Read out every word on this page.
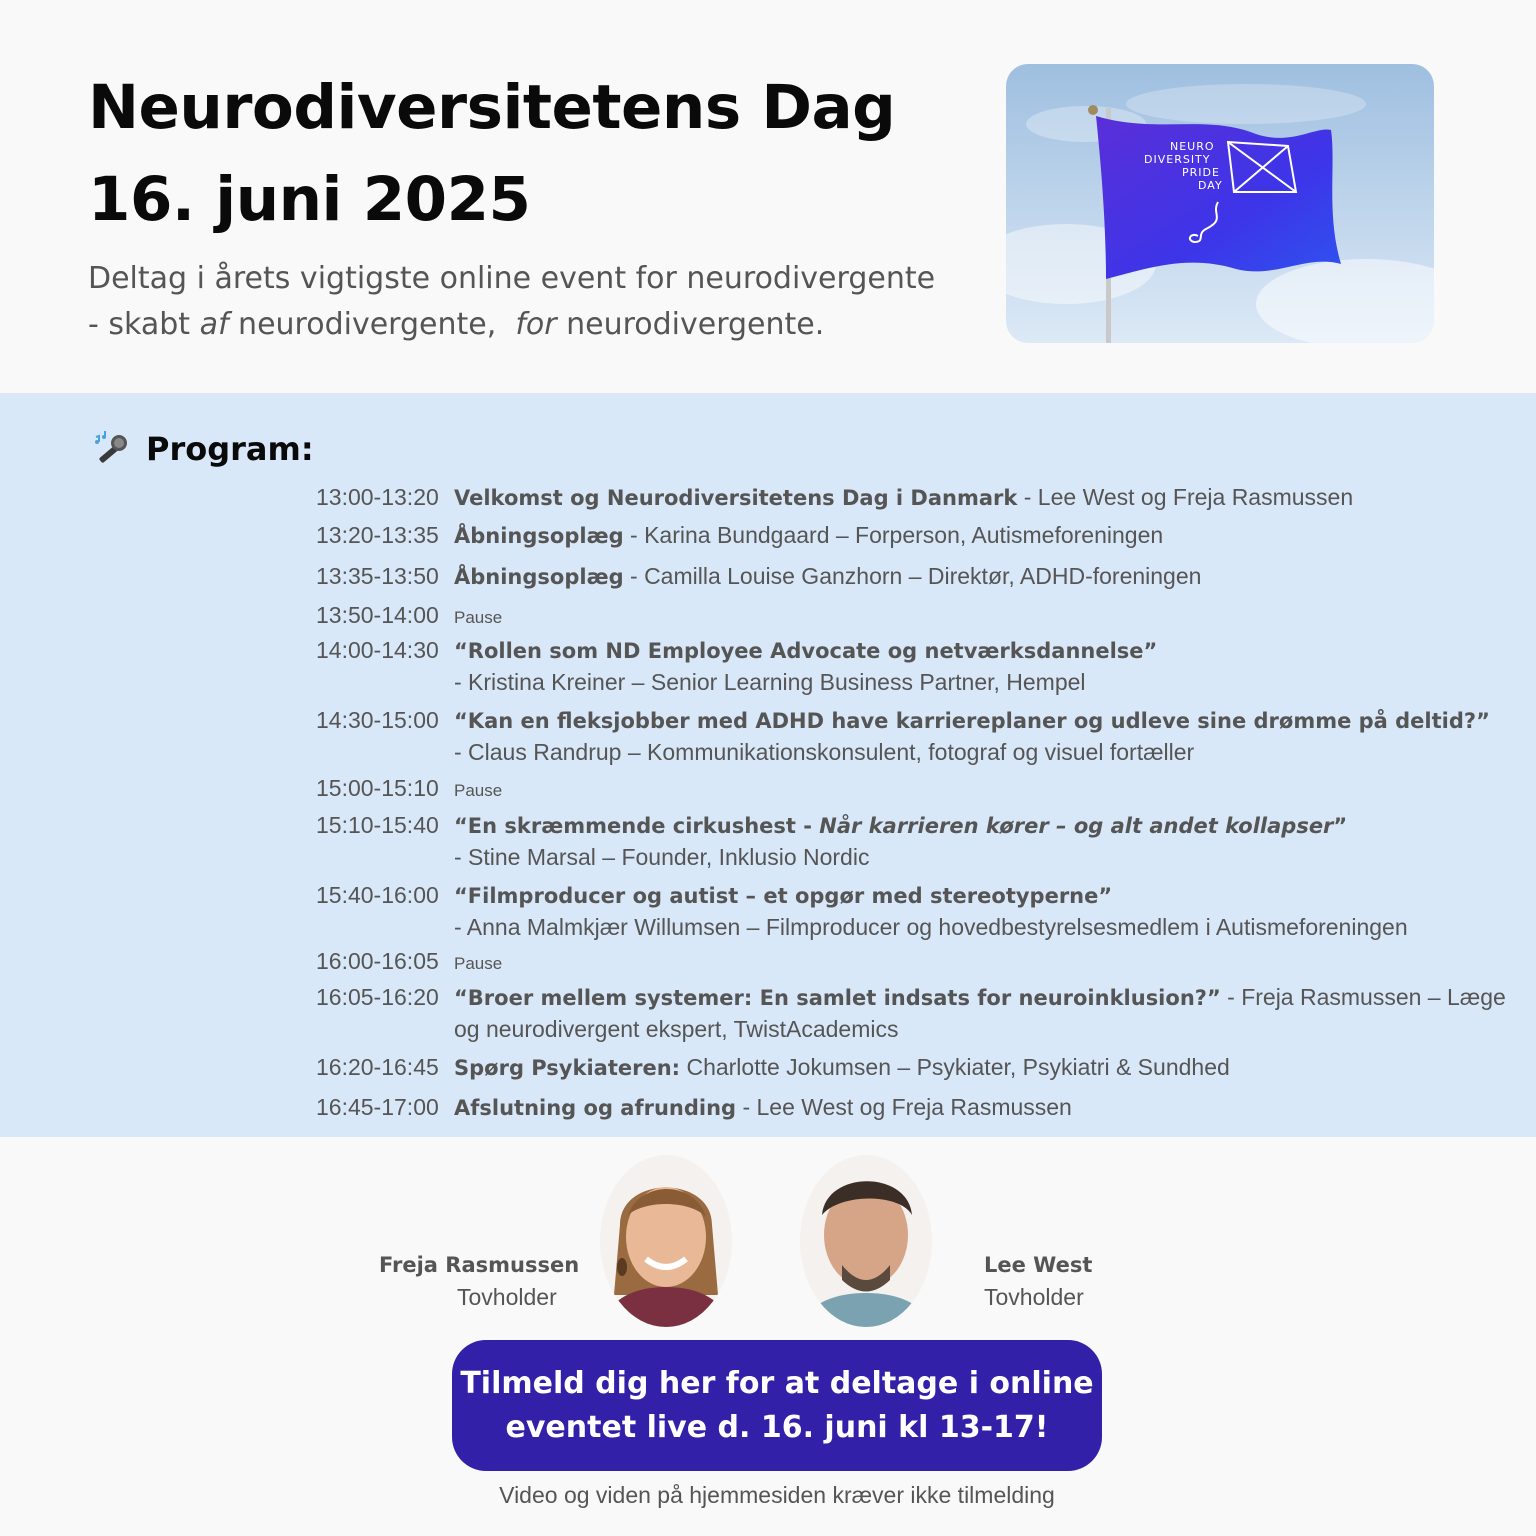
Neurodiversitetens Dag
16. juni 2025

Deltag i årets vigtigste online event for neurodivergente
- skabt af neurodivergente,  for neurodivergente.

NEURO
DIVERSITY
PRIDE
DAY
Program:
13:00-13:20 Velkomst og Neurodiversitetens Dag i Danmark - Lee West og Freja Rasmussen
13:20-13:35 Åbningsoplæg - Karina Bundgaard – Forperson, Autismeforeningen
13:35-13:50 Åbningsoplæg - Camilla Louise Ganzhorn – Direktør, ADHD-foreningen
13:50-14:00 Pause
14:00-14:30 “Rollen som ND Employee Advocate og netværksdannelse”
- Kristina Kreiner – Senior Learning Business Partner, Hempel
14:30-15:00 “Kan en fleksjobber med ADHD have karriereplaner og udleve sine drømme på deltid?”
- Claus Randrup – Kommunikationskonsulent, fotograf og visuel fortæller
15:00-15:10 Pause
15:10-15:40 “En skræmmende cirkushest - Når karrieren kører – og alt andet kollapser”
- Stine Marsal – Founder, Inklusio Nordic
15:40-16:00 “Filmproducer og autist – et opgør med stereotyperne”
- Anna Malmkjær Willumsen – Filmproducer og hovedbestyrelsesmedlem i Autismeforeningen
16:00-16:05 Pause
16:05-16:20 “Broer mellem systemer: En samlet indsats for neuroinklusion?” - Freja Rasmussen – Læge
og neurodivergent ekspert, TwistAcademics
16:20-16:45 Spørg Psykiateren: Charlotte Jokumsen – Psykiater, Psykiatri & Sundhed
16:45-17:00 Afslutning og afrunding - Lee West og Freja Rasmussen
Freja Rasmussen
Tovholder
Lee West
Tovholder
Tilmeld dig her for at deltage i online
eventet live d. 16. juni kl 13-17!
Video og viden på hjemmesiden kræver ikke tilmelding
